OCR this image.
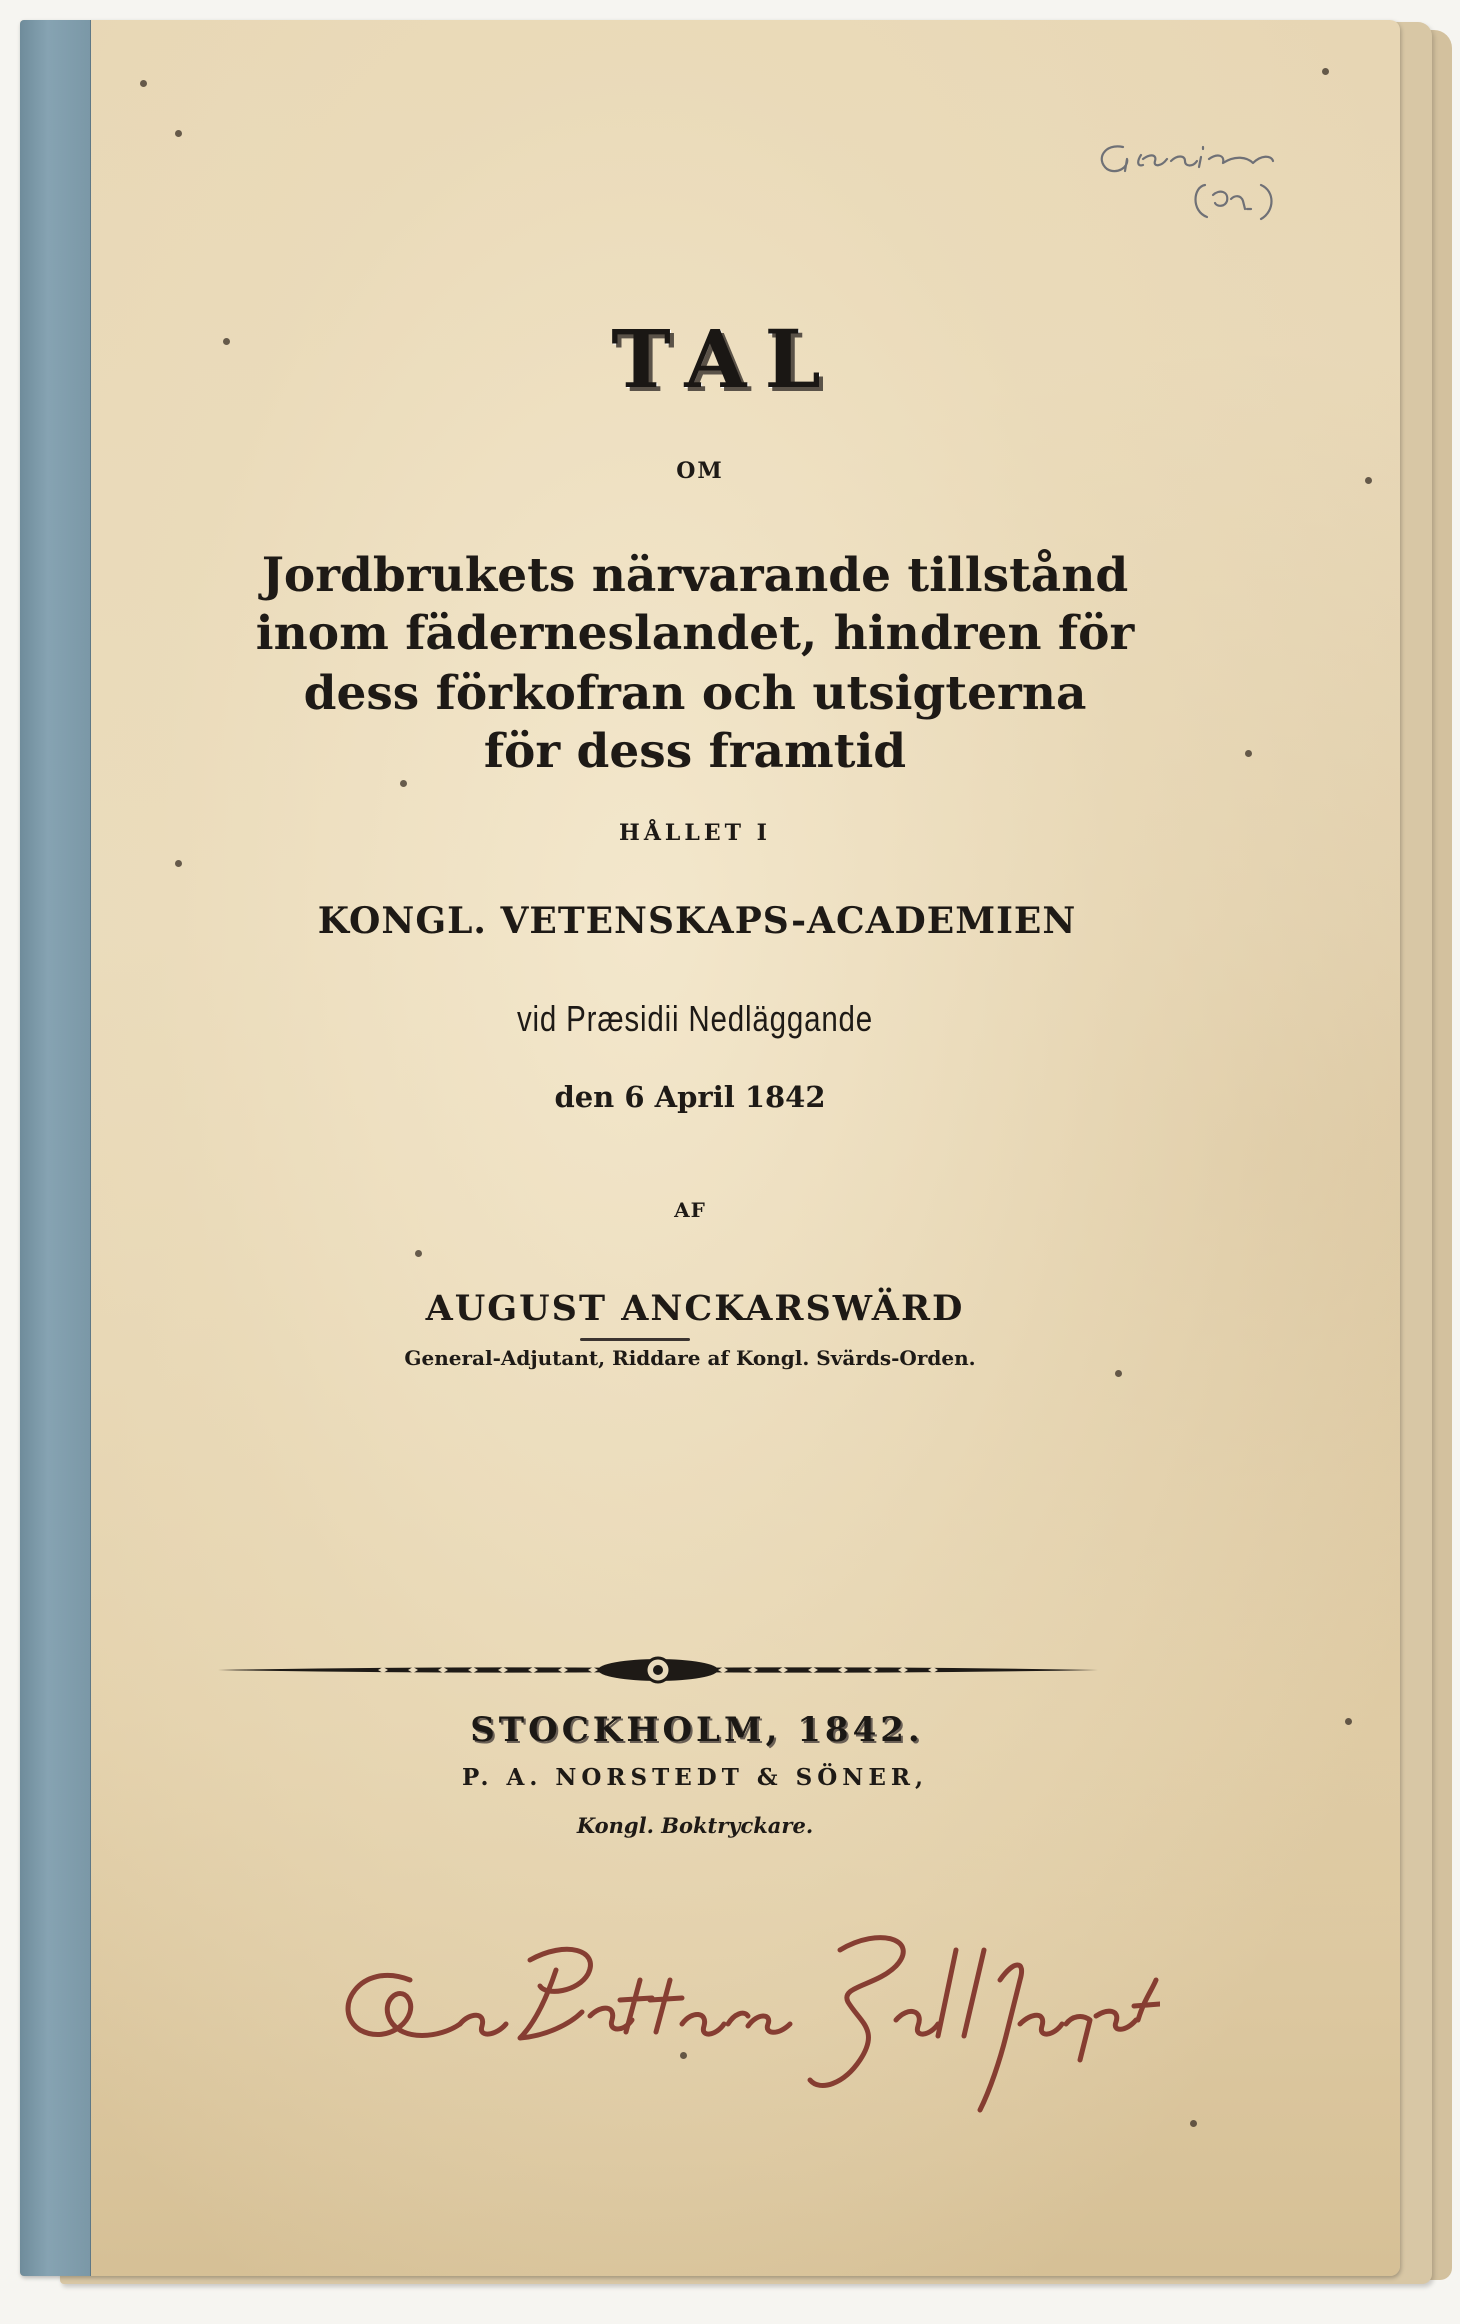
TAL

OM

Jordbrukets närvarande tillstånd

inom fäderneslandet, hindren för

dess förkofran och utsigterna

för dess framtid

HÅLLET I

KONGL. VETENSKAPS-ACADEMIEN

vid Præsidii Nedläggande

den 6 April 1842

AF

AUGUST ANCKARSWÄRD

General-Adjutant, Riddare af Kongl. Svärds-Orden.

STOCKHOLM, 1842.

P. A. NORSTEDT & SÖNER,

Kongl. Boktryckare.
